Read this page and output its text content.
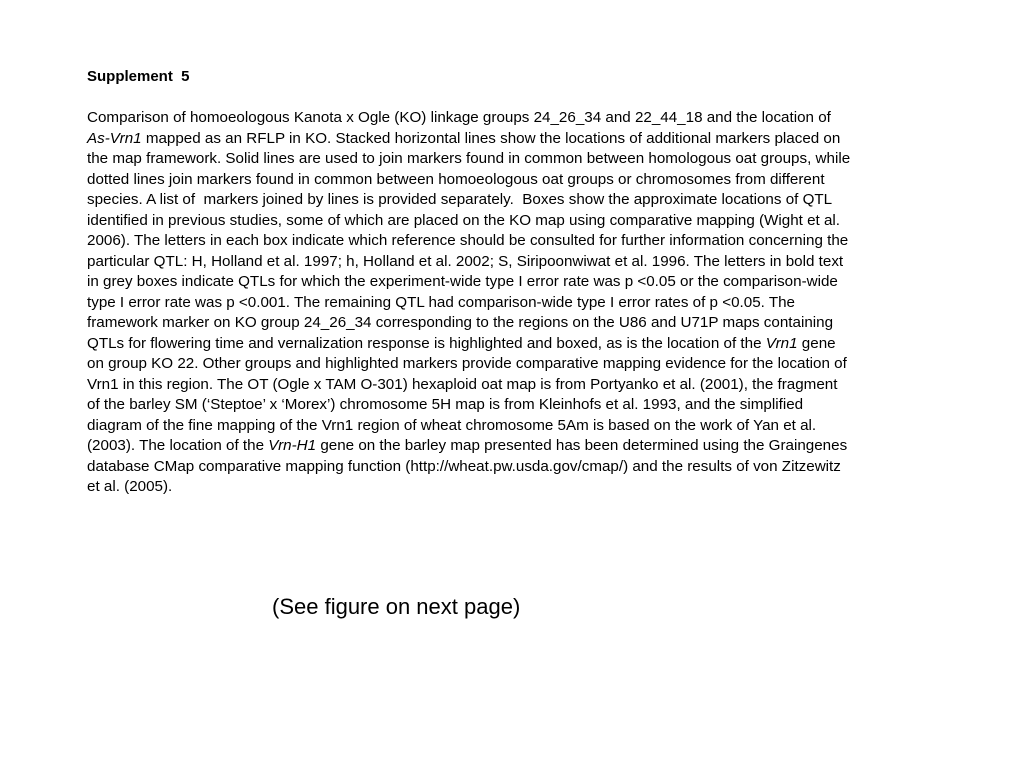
Supplement  5
Comparison of homoeologous Kanota x Ogle (KO) linkage groups 24_26_34 and 22_44_18 and the location of
As-Vrn1 mapped as an RFLP in KO. Stacked horizontal lines show the locations of additional markers placed on
the map framework. Solid lines are used to join markers found in common between homologous oat groups, while
dotted lines join markers found in common between homoeologous oat groups or chromosomes from different
species. A list of  markers joined by lines is provided separately.  Boxes show the approximate locations of QTL
identified in previous studies, some of which are placed on the KO map using comparative mapping (Wight et al.
2006). The letters in each box indicate which reference should be consulted for further information concerning the
particular QTL: H, Holland et al. 1997; h, Holland et al. 2002; S, Siripoonwiwat et al. 1996. The letters in bold text
in grey boxes indicate QTLs for which the experiment-wide type I error rate was p <0.05 or the comparison-wide
type I error rate was p <0.001. The remaining QTL had comparison-wide type I error rates of p <0.05. The
framework marker on KO group 24_26_34 corresponding to the regions on the U86 and U71P maps containing
QTLs for flowering time and vernalization response is highlighted and boxed, as is the location of the Vrn1 gene
on group KO 22. Other groups and highlighted markers provide comparative mapping evidence for the location of
Vrn1 in this region. The OT (Ogle x TAM O-301) hexaploid oat map is from Portyanko et al. (2001), the fragment
of the barley SM (‘Steptoe’ x ‘Morex’) chromosome 5H map is from Kleinhofs et al. 1993, and the simplified
diagram of the fine mapping of the Vrn1 region of wheat chromosome 5Am is based on the work of Yan et al.
(2003). The location of the Vrn-H1 gene on the barley map presented has been determined using the Graingenes
database CMap comparative mapping function (http://wheat.pw.usda.gov/cmap/) and the results of von Zitzewitz
et al. (2005).
(See figure on next page)
